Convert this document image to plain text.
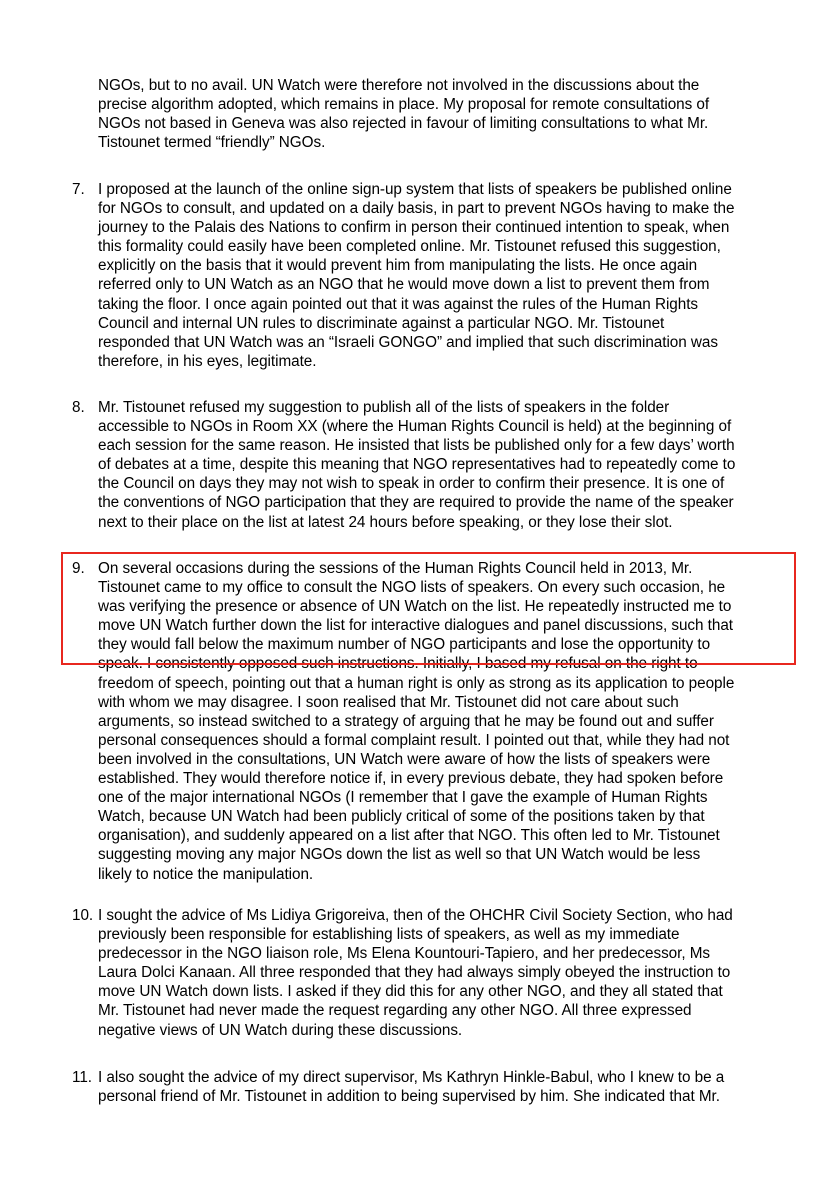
NGOs, but to no avail. UN Watch were therefore not involved in the discussions about the
precise algorithm adopted, which remains in place. My proposal for remote consultations of
NGOs not based in Geneva was also rejected in favour of limiting consultations to what Mr.
Tistounet termed “friendly” NGOs.
7. I proposed at the launch of the online sign-up system that lists of speakers be published online
for NGOs to consult, and updated on a daily basis, in part to prevent NGOs having to make the
journey to the Palais des Nations to confirm in person their continued intention to speak, when
this formality could easily have been completed online. Mr. Tistounet refused this suggestion,
explicitly on the basis that it would prevent him from manipulating the lists. He once again
referred only to UN Watch as an NGO that he would move down a list to prevent them from
taking the floor. I once again pointed out that it was against the rules of the Human Rights
Council and internal UN rules to discriminate against a particular NGO. Mr. Tistounet
responded that UN Watch was an “Israeli GONGO” and implied that such discrimination was
therefore, in his eyes, legitimate.
8. Mr. Tistounet refused my suggestion to publish all of the lists of speakers in the folder
accessible to NGOs in Room XX (where the Human Rights Council is held) at the beginning of
each session for the same reason. He insisted that lists be published only for a few days’ worth
of debates at a time, despite this meaning that NGO representatives had to repeatedly come to
the Council on days they may not wish to speak in order to confirm their presence. It is one of
the conventions of NGO participation that they are required to provide the name of the speaker
next to their place on the list at latest 24 hours before speaking, or they lose their slot.
9. On several occasions during the sessions of the Human Rights Council held in 2013, Mr.
Tistounet came to my office to consult the NGO lists of speakers. On every such occasion, he
was verifying the presence or absence of UN Watch on the list. He repeatedly instructed me to
move UN Watch further down the list for interactive dialogues and panel discussions, such that
they would fall below the maximum number of NGO participants and lose the opportunity to
speak. I consistently opposed such instructions. Initially, I based my refusal on the right to
freedom of speech, pointing out that a human right is only as strong as its application to people
with whom we may disagree. I soon realised that Mr. Tistounet did not care about such
arguments, so instead switched to a strategy of arguing that he may be found out and suffer
personal consequences should a formal complaint result. I pointed out that, while they had not
been involved in the consultations, UN Watch were aware of how the lists of speakers were
established. They would therefore notice if, in every previous debate, they had spoken before
one of the major international NGOs (I remember that I gave the example of Human Rights
Watch, because UN Watch had been publicly critical of some of the positions taken by that
organisation), and suddenly appeared on a list after that NGO. This often led to Mr. Tistounet
suggesting moving any major NGOs down the list as well so that UN Watch would be less
likely to notice the manipulation.
10. I sought the advice of Ms Lidiya Grigoreiva, then of the OHCHR Civil Society Section, who had
previously been responsible for establishing lists of speakers, as well as my immediate
predecessor in the NGO liaison role, Ms Elena Kountouri-Tapiero, and her predecessor, Ms
Laura Dolci Kanaan. All three responded that they had always simply obeyed the instruction to
move UN Watch down lists. I asked if they did this for any other NGO, and they all stated that
Mr. Tistounet had never made the request regarding any other NGO. All three expressed
negative views of UN Watch during these discussions.
11. I also sought the advice of my direct supervisor, Ms Kathryn Hinkle-Babul, who I knew to be a
personal friend of Mr. Tistounet in addition to being supervised by him. She indicated that Mr.
